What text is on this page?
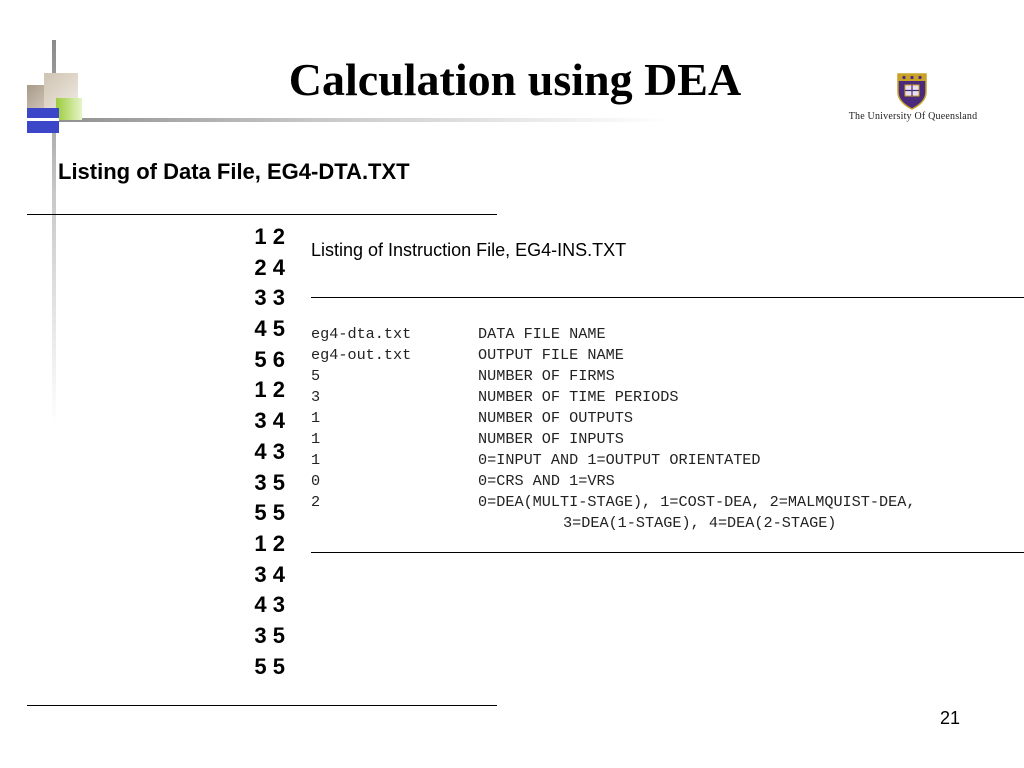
Calculation using DEA
The University Of Queensland
Listing of Data File, EG4-DTA.TXT
1 2
2 4
3 3
4 5
5 6
1 2
3 4
4 3
3 5
5 5
1 2
3 4
4 3
3 5
5 5
Listing of Instruction File, EG4-INS.TXT
eg4-dta.txt	DATA FILE NAME
eg4-out.txt	OUTPUT FILE NAME
5	NUMBER OF FIRMS
3	NUMBER OF TIME PERIODS
1	NUMBER OF OUTPUTS
1	NUMBER OF INPUTS
1	0=INPUT AND 1=OUTPUT ORIENTATED
0	0=CRS AND 1=VRS
2	0=DEA(MULTI-STAGE), 1=COST-DEA, 2=MALMQUIST-DEA,
3=DEA(1-STAGE), 4=DEA(2-STAGE)
21
